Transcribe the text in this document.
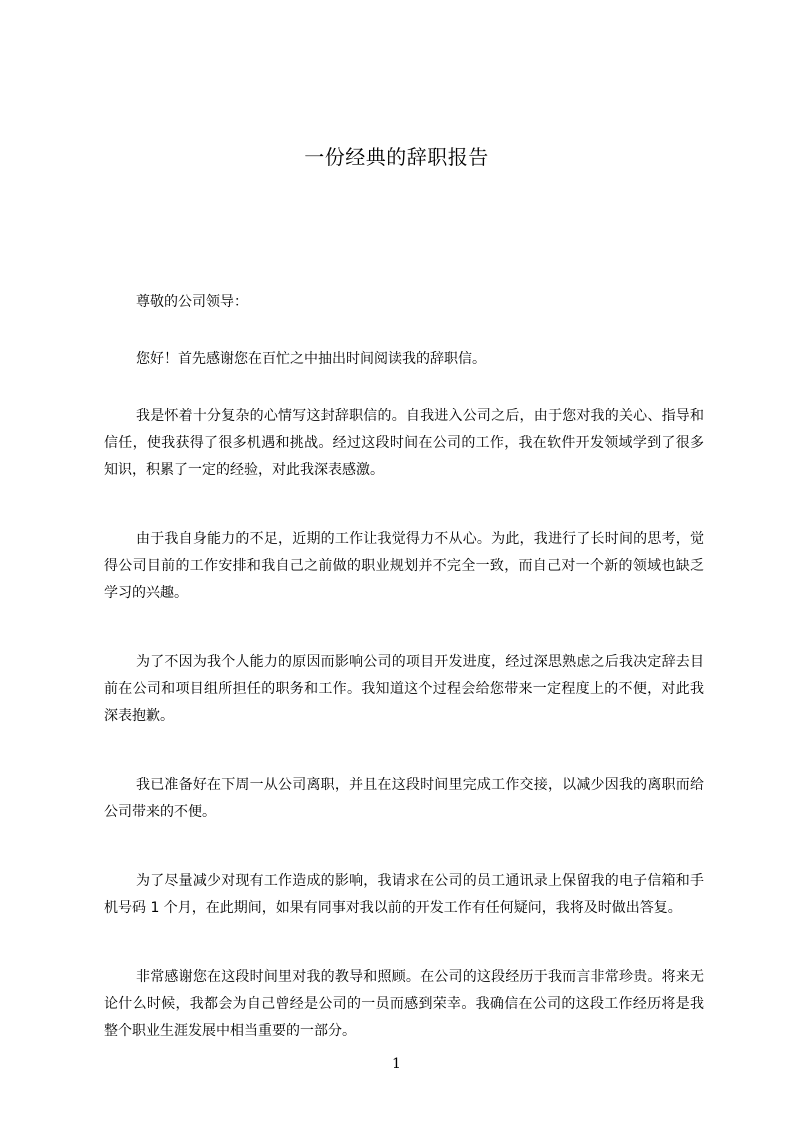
一份经典的辞职报告

尊敬的公司领导：

您好！首先感谢您在百忙之中抽出时间阅读我的辞职信。

我是怀着十分复杂的心情写这封辞职信的。自我进入公司之后，由于您对我的关心、指导和信任，使我获得了很多机遇和挑战。经过这段时间在公司的工作，我在软件开发领域学到了很多知识，积累了一定的经验，对此我深表感激。

由于我自身能力的不足，近期的工作让我觉得力不从心。为此，我进行了长时间的思考，觉得公司目前的工作安排和我自己之前做的职业规划并不完全一致，而自己对一个新的领域也缺乏学习的兴趣。

为了不因为我个人能力的原因而影响公司的项目开发进度，经过深思熟虑之后我决定辞去目前在公司和项目组所担任的职务和工作。我知道这个过程会给您带来一定程度上的不便，对此我深表抱歉。

我已准备好在下周一从公司离职，并且在这段时间里完成工作交接，以减少因我的离职而给公司带来的不便。

为了尽量减少对现有工作造成的影响，我请求在公司的员工通讯录上保留我的电子信箱和手机号码 1 个月，在此期间，如果有同事对我以前的开发工作有任何疑问，我将及时做出答复。

非常感谢您在这段时间里对我的教导和照顾。在公司的这段经历于我而言非常珍贵。将来无论什么时候，我都会为自己曾经是公司的一员而感到荣幸。我确信在公司的这段工作经历将是我整个职业生涯发展中相当重要的一部分。

1
